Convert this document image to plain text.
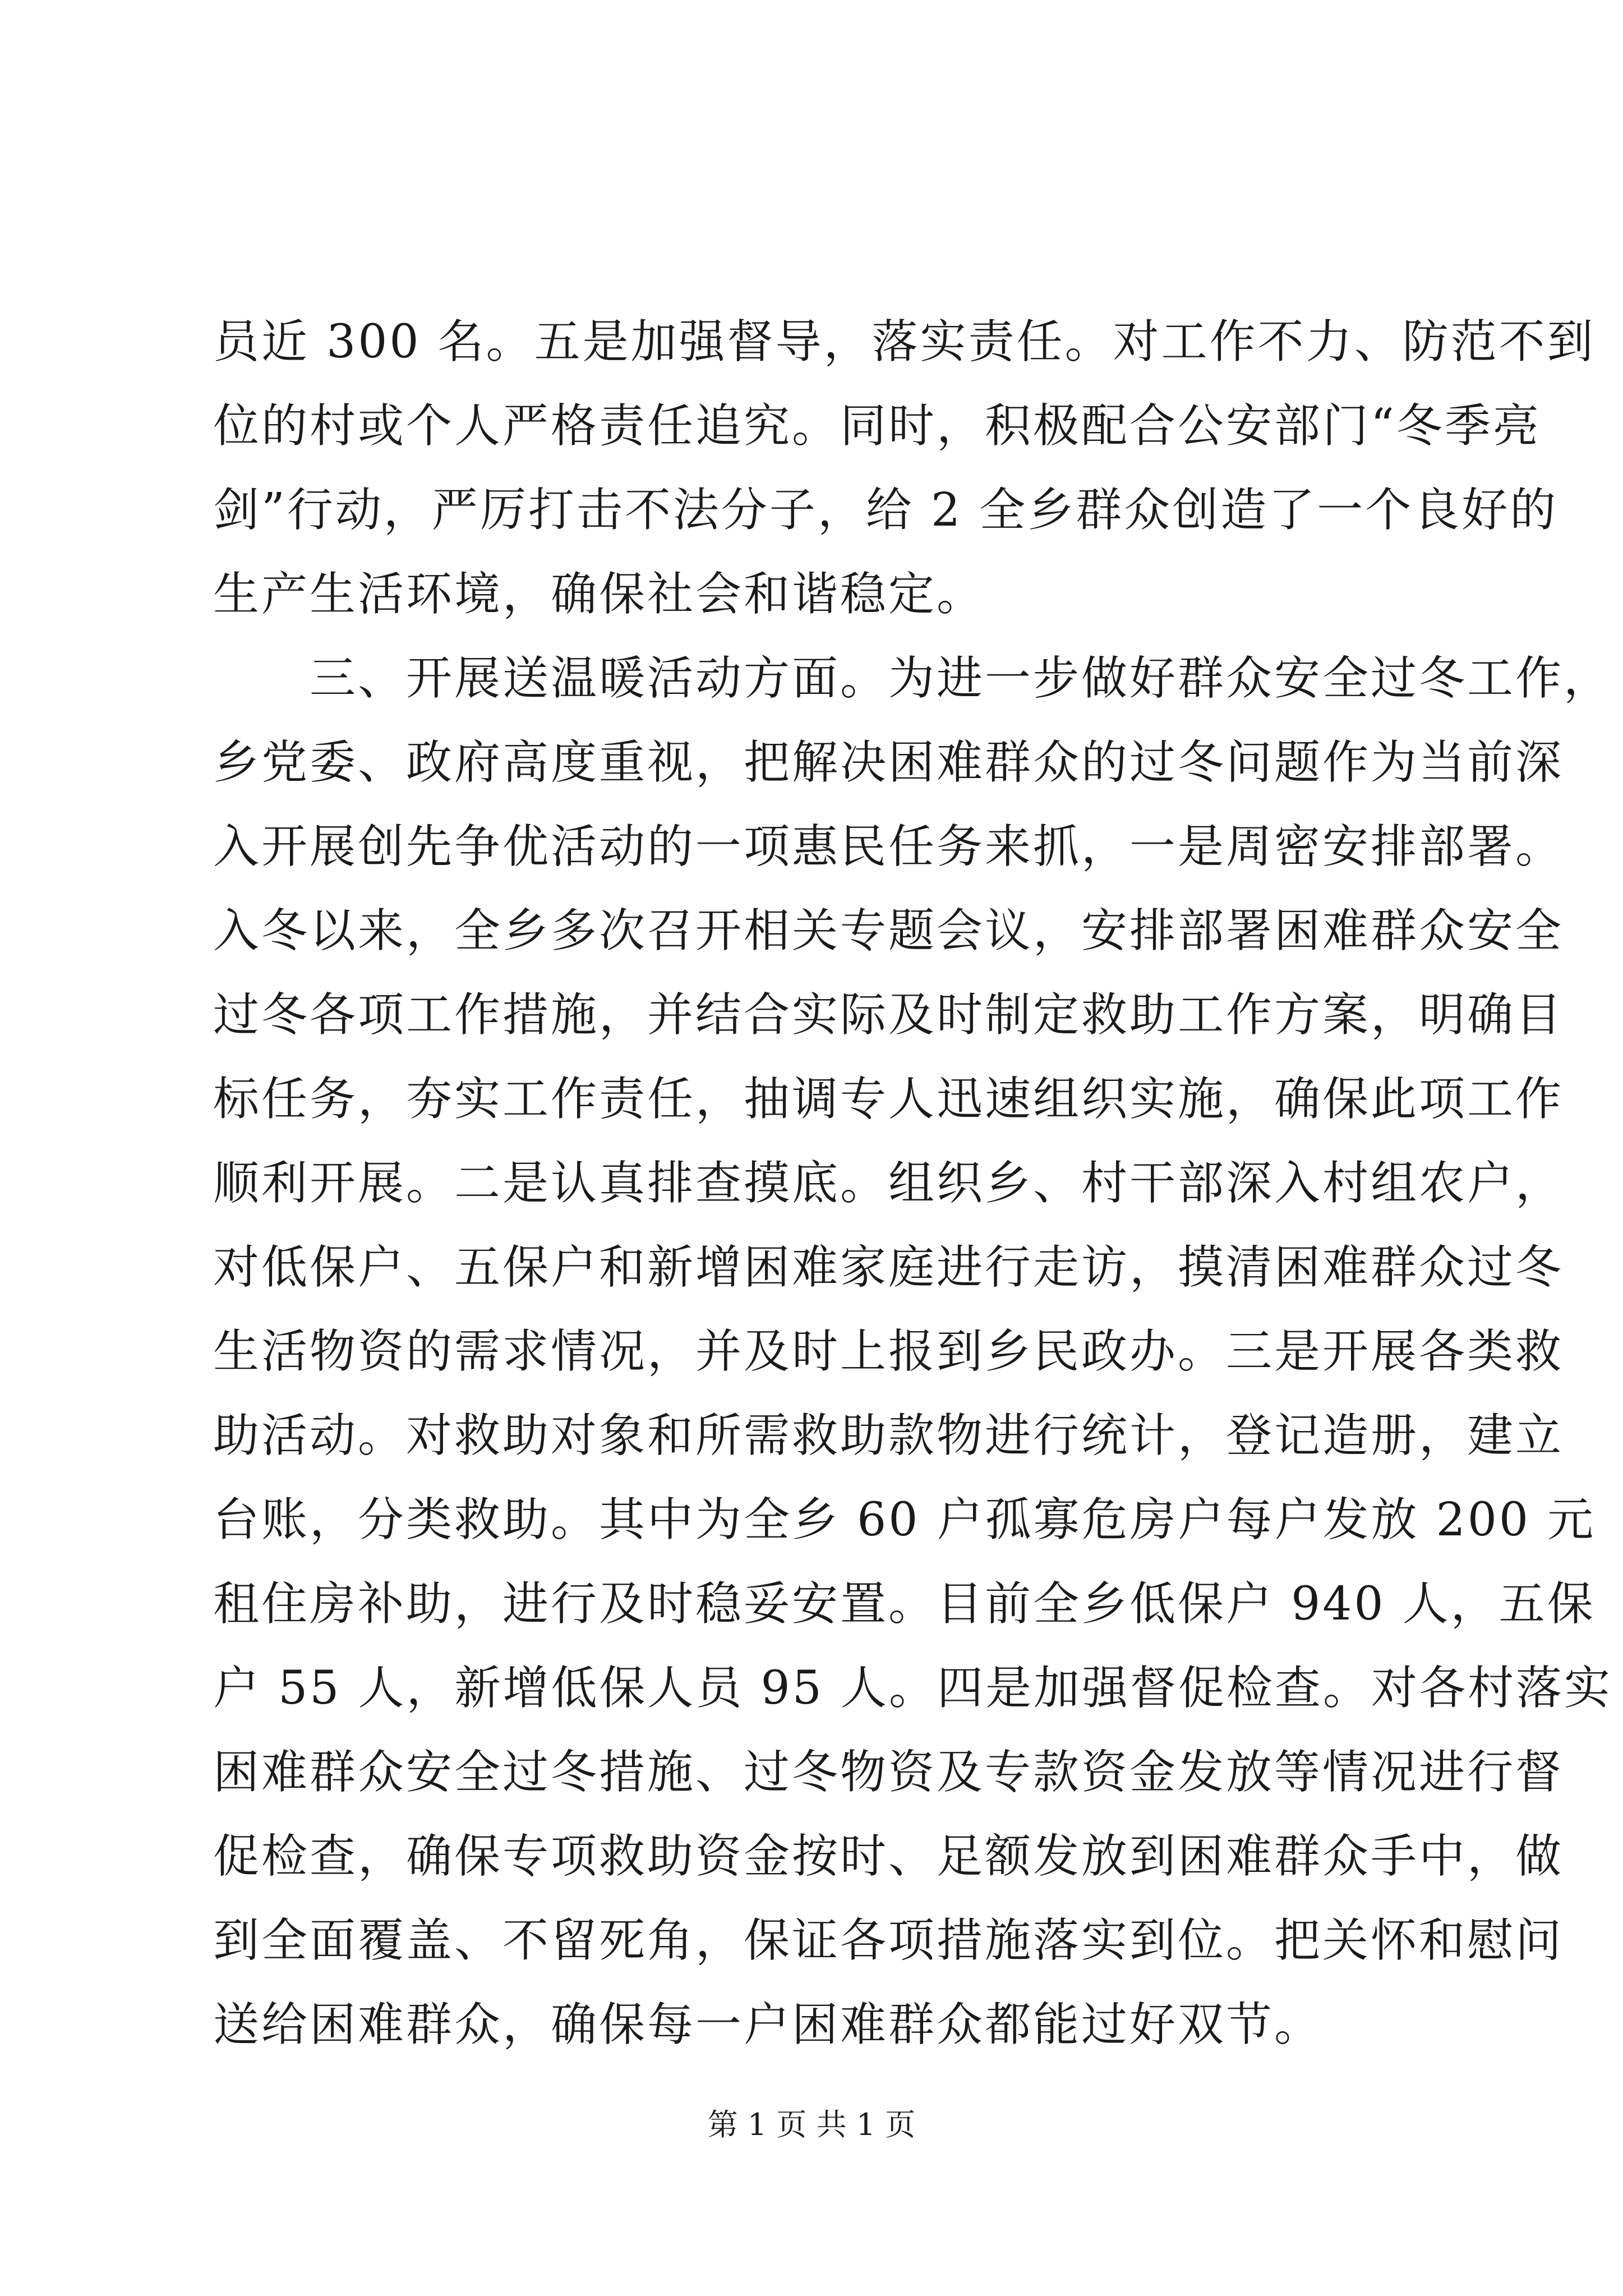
员近 300 名。五是加强督导，落实责任。对工作不力、防范不到
位的村或个人严格责任追究。同时，积极配合公安部门“冬季亮
剑”行动，严厉打击不法分子，给 2 全乡群众创造了一个良好的
生产生活环境，确保社会和谐稳定。
　　三、开展送温暖活动方面。为进一步做好群众安全过冬工作，
乡党委、政府高度重视，把解决困难群众的过冬问题作为当前深
入开展创先争优活动的一项惠民任务来抓，一是周密安排部署。
入冬以来，全乡多次召开相关专题会议，安排部署困难群众安全
过冬各项工作措施，并结合实际及时制定救助工作方案，明确目
标任务，夯实工作责任，抽调专人迅速组织实施，确保此项工作
顺利开展。二是认真排查摸底。组织乡、村干部深入村组农户，
对低保户、五保户和新增困难家庭进行走访，摸清困难群众过冬
生活物资的需求情况，并及时上报到乡民政办。三是开展各类救
助活动。对救助对象和所需救助款物进行统计，登记造册，建立
台账，分类救助。其中为全乡 60 户孤寡危房户每户发放 200 元
租住房补助，进行及时稳妥安置。目前全乡低保户 940 人，五保
户 55 人，新增低保人员 95 人。四是加强督促检查。对各村落实
困难群众安全过冬措施、过冬物资及专款资金发放等情况进行督
促检查，确保专项救助资金按时、足额发放到困难群众手中，做
到全面覆盖、不留死角，保证各项措施落实到位。把关怀和慰问
送给困难群众，确保每一户困难群众都能过好双节。
第 1 页 共 1 页
